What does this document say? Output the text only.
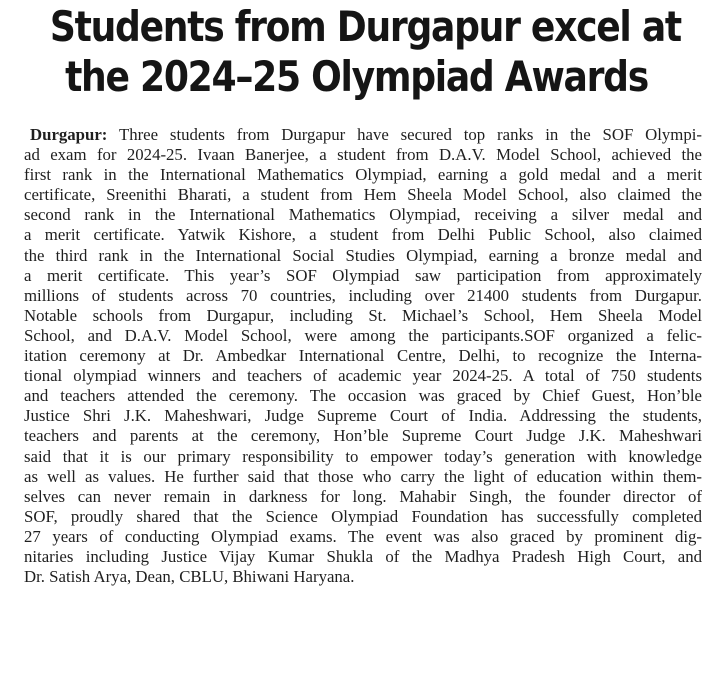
Students from Durgapur excel at
the 2024–25 Olympiad Awards
Durgapur: Three students from Durgapur have secured top ranks in the SOF Olympi-
ad exam for 2024-25. Ivaan Banerjee, a student from D.A.V. Model School, achieved the
first rank in the International Mathematics Olympiad, earning a gold medal and a merit
certificate, Sreenithi Bharati, a student from Hem Sheela Model School, also claimed the
second rank in the International Mathematics Olympiad, receiving a silver medal and
a merit certificate. Yatwik Kishore, a student from Delhi Public School, also claimed
the third rank in the International Social Studies Olympiad, earning a bronze medal and
a merit certificate. This year’s SOF Olympiad saw participation from approximately
millions of students across 70 countries, including over 21400 students from Durgapur.
Notable schools from Durgapur, including St. Michael’s School, Hem Sheela Model
School, and D.A.V. Model School, were among the participants.SOF organized a felic-
itation ceremony at Dr. Ambedkar International Centre, Delhi, to recognize the Interna-
tional olympiad winners and teachers of academic year 2024-25. A total of 750 students
and teachers attended the ceremony. The occasion was graced by Chief Guest, Hon’ble
Justice Shri J.K. Maheshwari, Judge Supreme Court of India. Addressing the students,
teachers and parents at the ceremony, Hon’ble Supreme Court Judge J.K. Maheshwari
said that it is our primary responsibility to empower today’s generation with knowledge
as well as values. He further said that those who carry the light of education within them-
selves can never remain in darkness for long. Mahabir Singh, the founder director of
SOF, proudly shared that the Science Olympiad Foundation has successfully completed
27 years of conducting Olympiad exams. The event was also graced by prominent dig-
nitaries including Justice Vijay Kumar Shukla of the Madhya Pradesh High Court, and
Dr. Satish Arya, Dean, CBLU, Bhiwani Haryana.
